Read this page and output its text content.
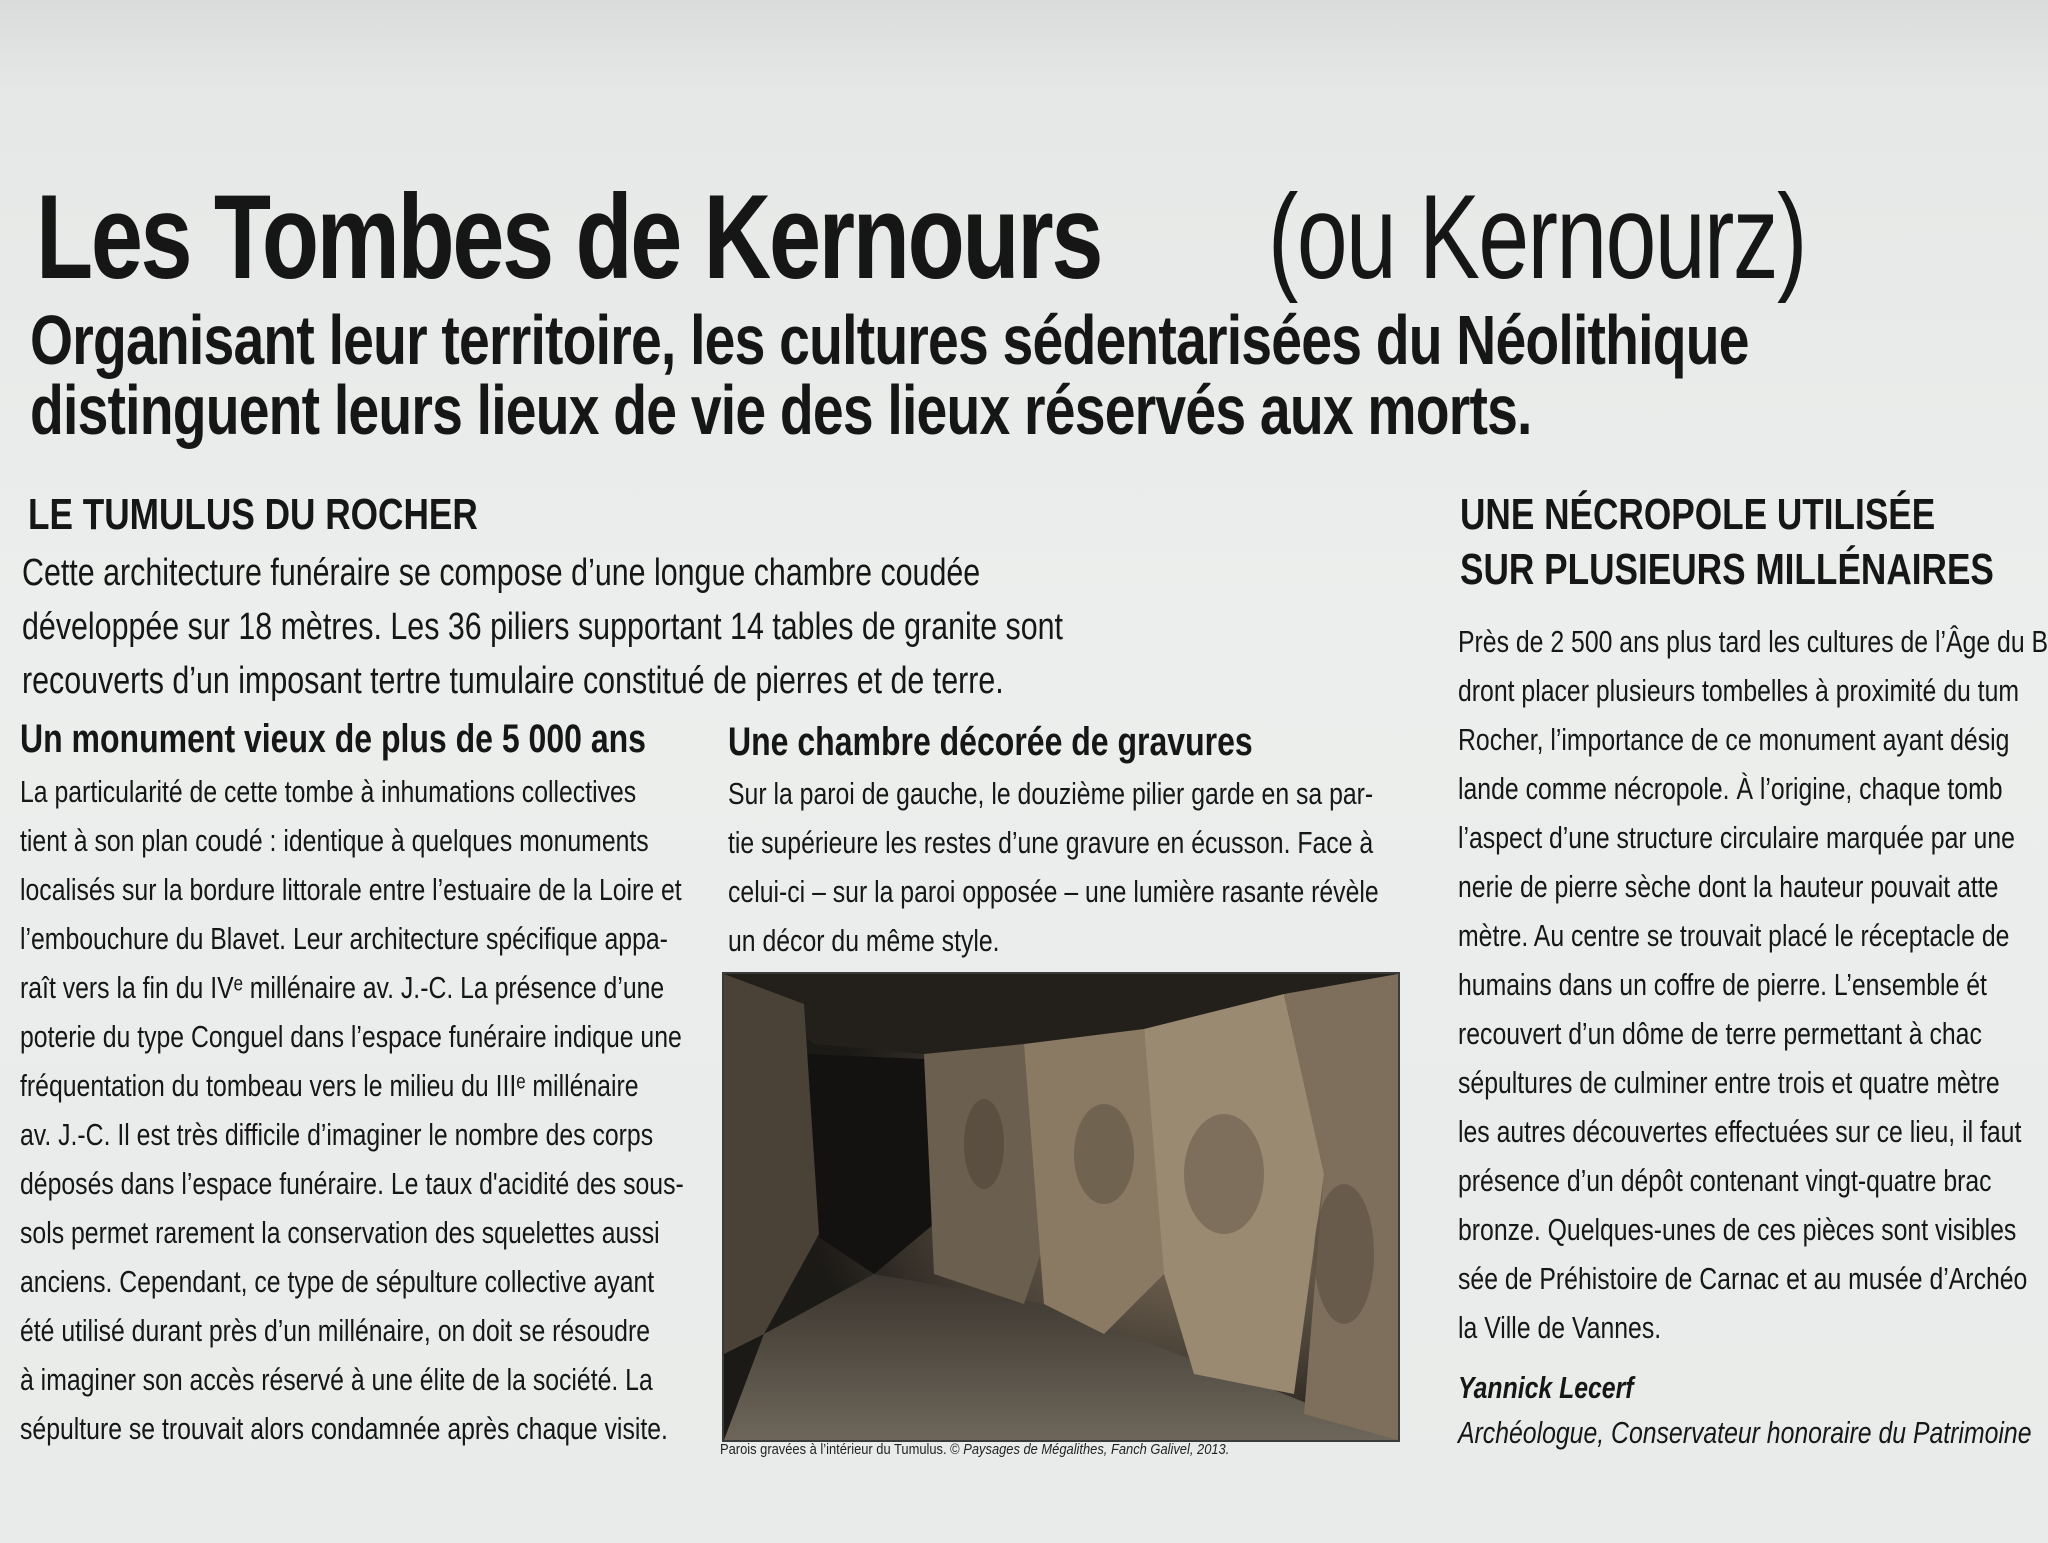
Les Tombes de Kernours (ou Kernourz)
Organisant leur territoire, les cultures sédentarisées du Néolithique
distinguent leurs lieux de vie des lieux réservés aux morts.
LE TUMULUS DU ROCHER
Cette architecture funéraire se compose d’une longue chambre coudée
développée sur 18 mètres. Les 36 piliers supportant 14 tables de granite sont
recouverts d’un imposant tertre tumulaire constitué de pierres et de terre.
Un monument vieux de plus de 5 000 ans
La particularité de cette tombe à inhumations collectives
tient à son plan coudé : identique à quelques monuments
localisés sur la bordure littorale entre l’estuaire de la Loire et
l’embouchure du Blavet. Leur architecture spécifique appa-
raît vers la fin du IVᵉ millénaire av. J.-C. La présence d’une
poterie du type Conguel dans l’espace funéraire indique une
fréquentation du tombeau vers le milieu du IIIᵉ millénaire
av. J.-C. Il est très difficile d’imaginer le nombre des corps
déposés dans l’espace funéraire. Le taux d'acidité des sous-
sols permet rarement la conservation des squelettes aussi
anciens. Cependant, ce type de sépulture collective ayant
été utilisé durant près d’un millénaire, on doit se résoudre
à imaginer son accès réservé à une élite de la société. La
sépulture se trouvait alors condamnée après chaque visite.
Une chambre décorée de gravures
Sur la paroi de gauche, le douzième pilier garde en sa par-
tie supérieure les restes d’une gravure en écusson. Face à
celui-ci – sur la paroi opposée – une lumière rasante révèle
un décor du même style.
Parois gravées à l’intérieur du Tumulus. © Paysages de Mégalithes, Fanch Galivel, 2013.
UNE NÉCROPOLE UTILISÉE
SUR PLUSIEURS MILLÉNAIRES
Près de 2 500 ans plus tard les cultures de l’Âge du B
dront placer plusieurs tombelles à proximité du tum
Rocher, l’importance de ce monument ayant désig
lande comme nécropole. À l’origine, chaque tomb
l’aspect d’une structure circulaire marquée par une
nerie de pierre sèche dont la hauteur pouvait atte
mètre. Au centre se trouvait placé le réceptacle de
humains dans un coffre de pierre. L’ensemble ét
recouvert d’un dôme de terre permettant à chac
sépultures de culminer entre trois et quatre mètre
les autres découvertes effectuées sur ce lieu, il faut
présence d’un dépôt contenant vingt-quatre brac
bronze. Quelques-unes de ces pièces sont visibles
sée de Préhistoire de Carnac et au musée d’Archéo
la Ville de Vannes.
Yannick Lecerf
Archéologue, Conservateur honoraire du Patrimoine
